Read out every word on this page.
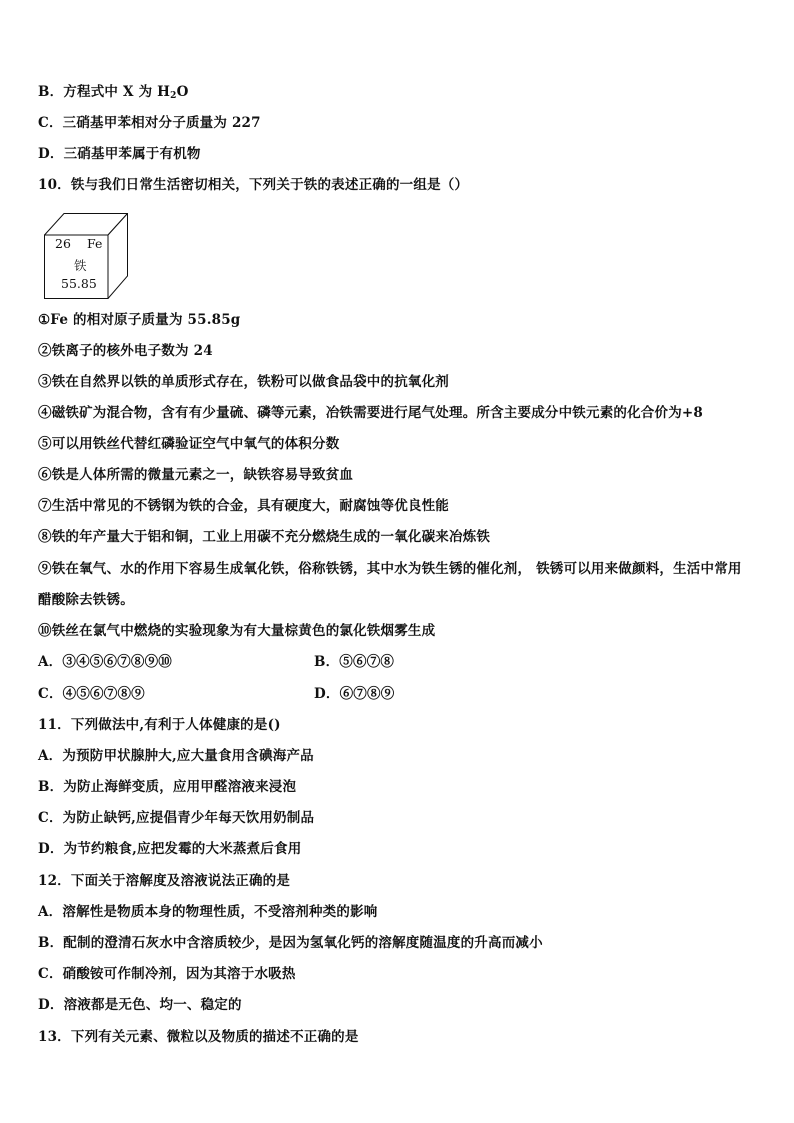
B．方程式中 X 为 $H_2O$
C．三硝基甲苯相对分子质量为 227
D．三硝基甲苯属于有机物
10．铁与我们日常生活密切相关，下列关于铁的表述正确的一组是（）
26 Fe
铁
55.85
①Fe 的相对原子质量为 55.85g
②铁离子的核外电子数为 24
③铁在自然界以铁的单质形式存在，铁粉可以做食品袋中的抗氧化剂
④磁铁矿为混合物，含有有少量硫、磷等元素，冶铁需要进行尾气处理。所含主要成分中铁元素的化合价为+8
⑤可以用铁丝代替红磷验证空气中氧气的体积分数
⑥铁是人体所需的微量元素之一，缺铁容易导致贫血
⑦生活中常见的不锈钢为铁的合金，具有硬度大，耐腐蚀等优良性能
⑧铁的年产量大于铝和铜，工业上用碳不充分燃烧生成的一氧化碳来冶炼铁
⑨铁在氧气、水的作用下容易生成氧化铁，俗称铁锈，其中水为铁生锈的催化剂， 铁锈可以用来做颜料，生活中常用
醋酸除去铁锈。
⑩铁丝在氯气中燃烧的实验现象为有大量棕黄色的氯化铁烟雾生成
A．③④⑤⑥⑦⑧⑨⑩	B．⑤⑥⑦⑧
C．④⑤⑥⑦⑧⑨	D．⑥⑦⑧⑨
11．下列做法中,有利于人体健康的是()
A．为预防甲状腺肿大,应大量食用含碘海产品
B．为防止海鲜变质，应用甲醛溶液来浸泡
C．为防止缺钙,应提倡青少年每天饮用奶制品
D．为节约粮食,应把发霉的大米蒸煮后食用
12．下面关于溶解度及溶液说法正确的是
A．溶解性是物质本身的物理性质，不受溶剂种类的影响
B．配制的澄清石灰水中含溶质较少，是因为氢氧化钙的溶解度随温度的升高而减小
C．硝酸铵可作制冷剂，因为其溶于水吸热
D．溶液都是无色、均一、稳定的
13．下列有关元素、微粒以及物质的描述不正确的是
